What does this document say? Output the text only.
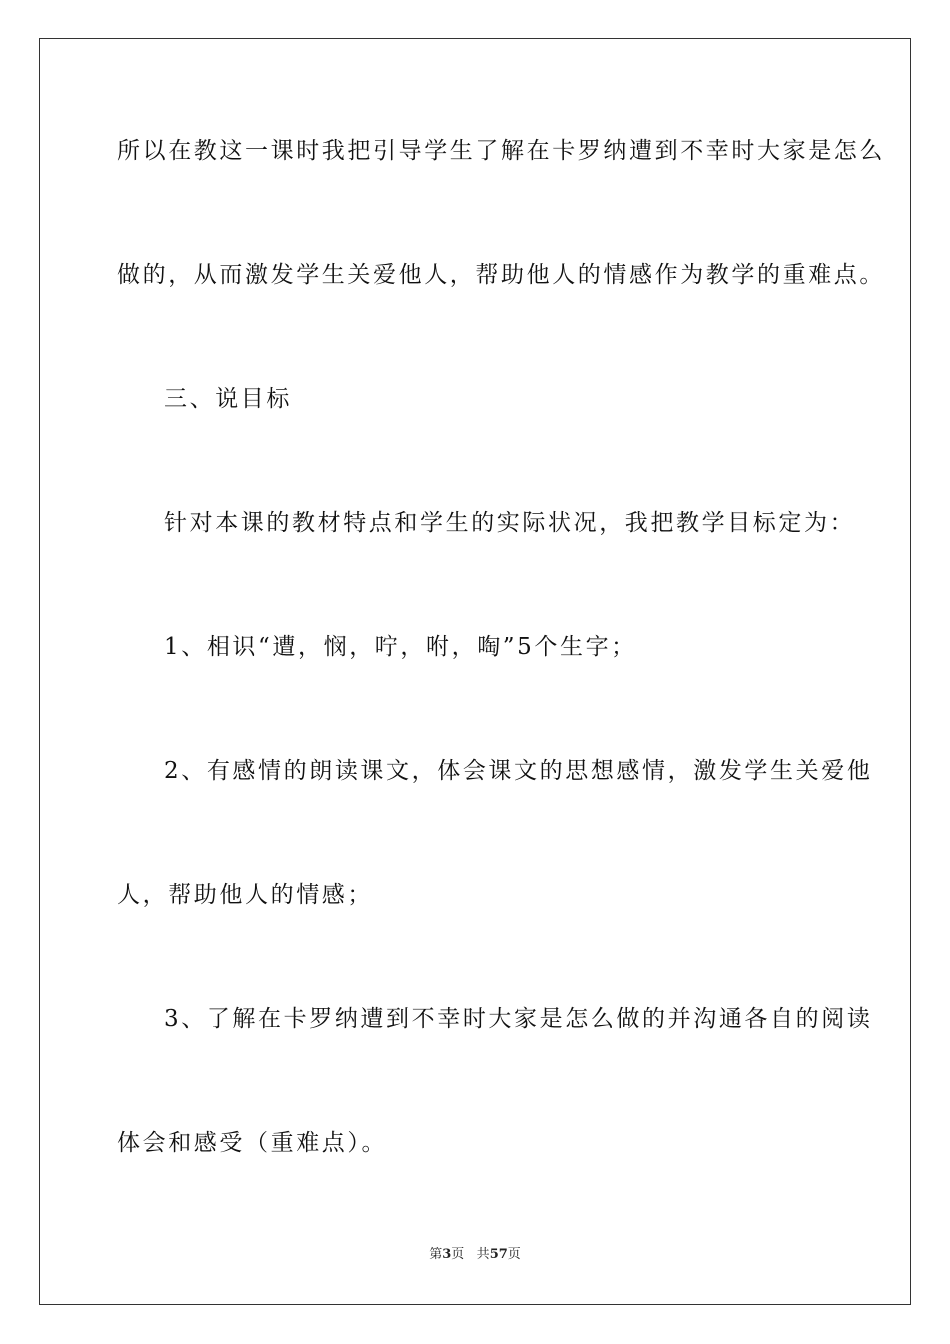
所以在教这一课时我把引导学生了解在卡罗纳遭到不幸时大家是怎么
做的，从而激发学生关爱他人，帮助他人的情感作为教学的重难点。
三、说目标
针对本课的教材特点和学生的实际状况，我把教学目标定为：
1、相识“遭，悯，咛，咐，啕”5个生字；
2、有感情的朗读课文，体会课文的思想感情，激发学生关爱他
人，帮助他人的情感；
3、了解在卡罗纳遭到不幸时大家是怎么做的并沟通各自的阅读
体会和感受（重难点）。
第3页 共57页
